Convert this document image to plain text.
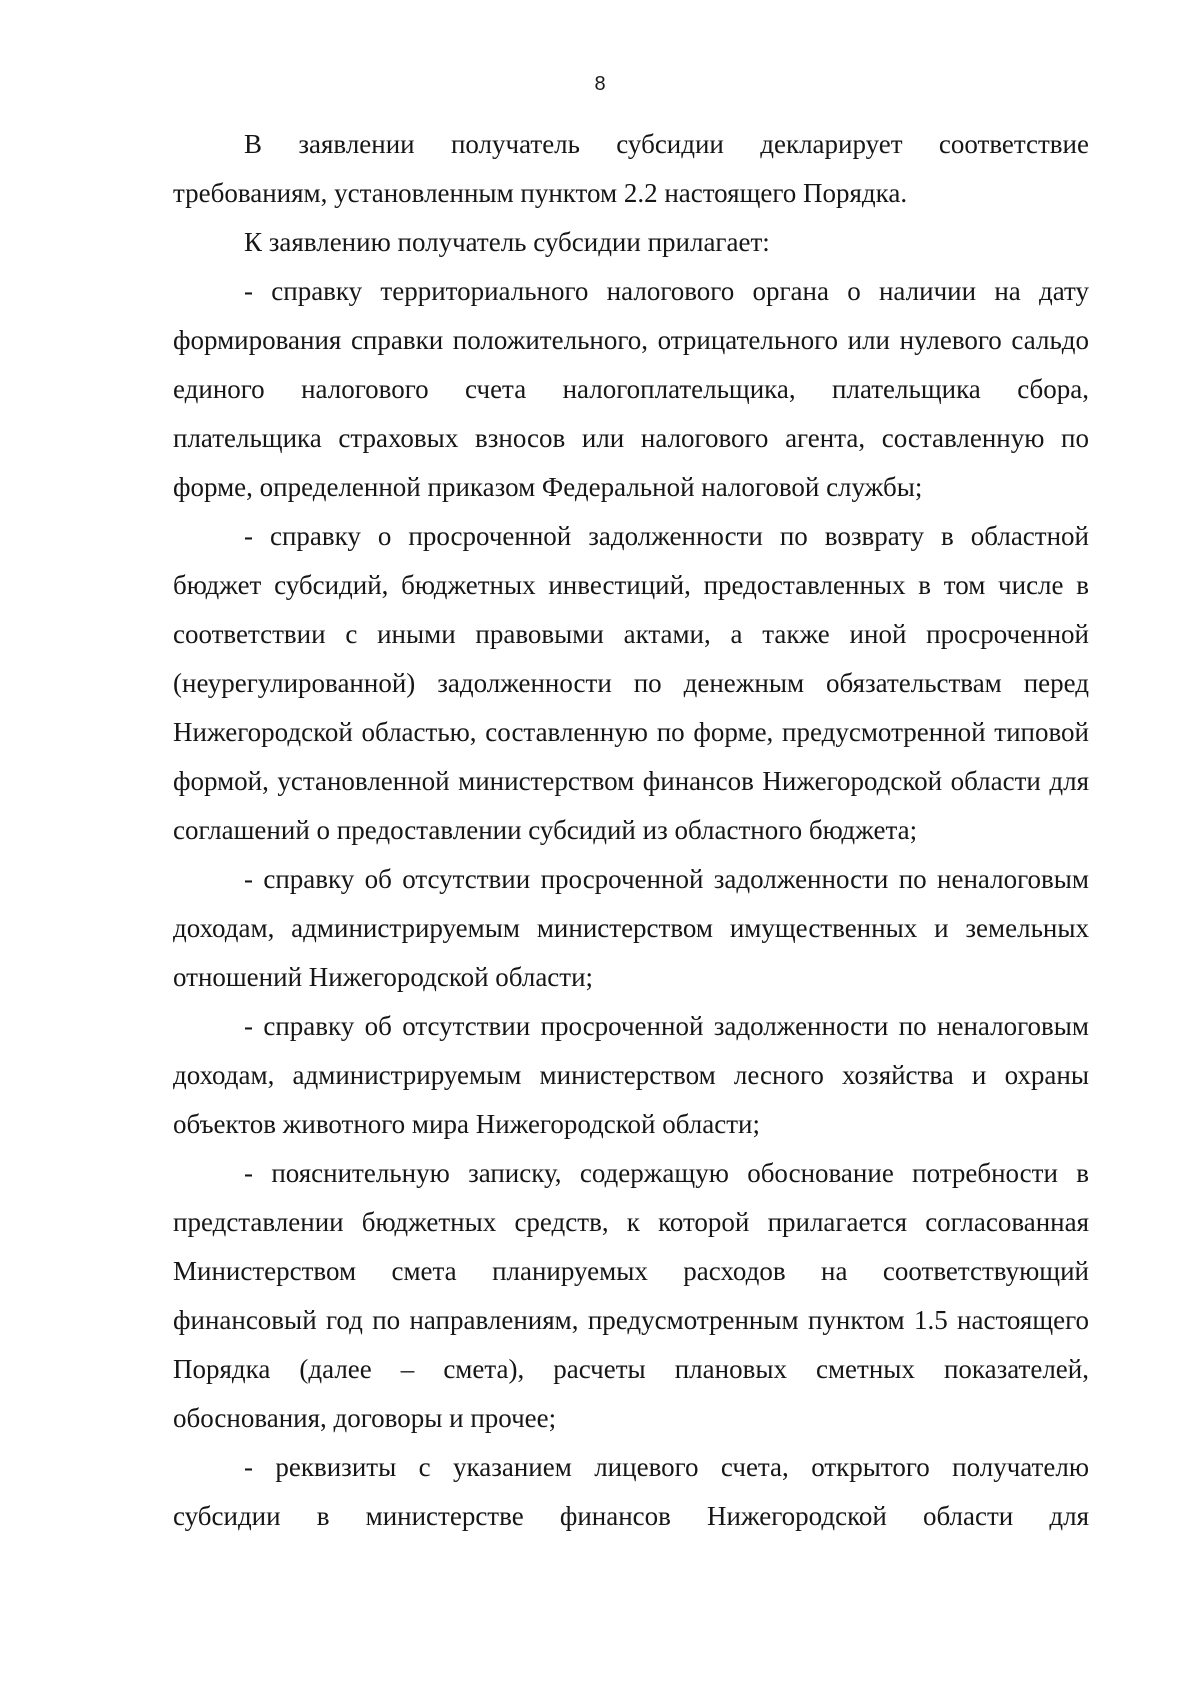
8

В заявлении получатель субсидии декларирует соответствие требованиям, установленным пунктом 2.2 настоящего Порядка.

К заявлению получатель субсидии прилагает:

- справку территориального налогового органа о наличии на дату формирования справки положительного, отрицательного или нулевого сальдо единого налогового счета налогоплательщика, плательщика сбора, плательщика страховых взносов или налогового агента, составленную по форме, определенной приказом Федеральной налоговой службы;

- справку о просроченной задолженности по возврату в областной бюджет субсидий, бюджетных инвестиций, предоставленных в том числе в соответствии с иными правовыми актами, а также иной просроченной (неурегулированной) задолженности по денежным обязательствам перед Нижегородской областью, составленную по форме, предусмотренной типовой формой, установленной министерством финансов Нижегородской области для соглашений о предоставлении субсидий из областного бюджета;

- справку об отсутствии просроченной задолженности по неналоговым доходам, администрируемым министерством имущественных и земельных отношений Нижегородской области;

- справку об отсутствии просроченной задолженности по неналоговым доходам, администрируемым министерством лесного хозяйства и охраны объектов животного мира Нижегородской области;

- пояснительную записку, содержащую обоснование потребности в представлении бюджетных средств, к которой прилагается согласованная Министерством смета планируемых расходов на соответствующий финансовый год по направлениям, предусмотренным пунктом 1.5 настоящего Порядка (далее – смета), расчеты плановых сметных показателей, обоснования, договоры и прочее;

- реквизиты с указанием лицевого счета, открытого получателю субсидии в министерстве финансов Нижегородской области для
